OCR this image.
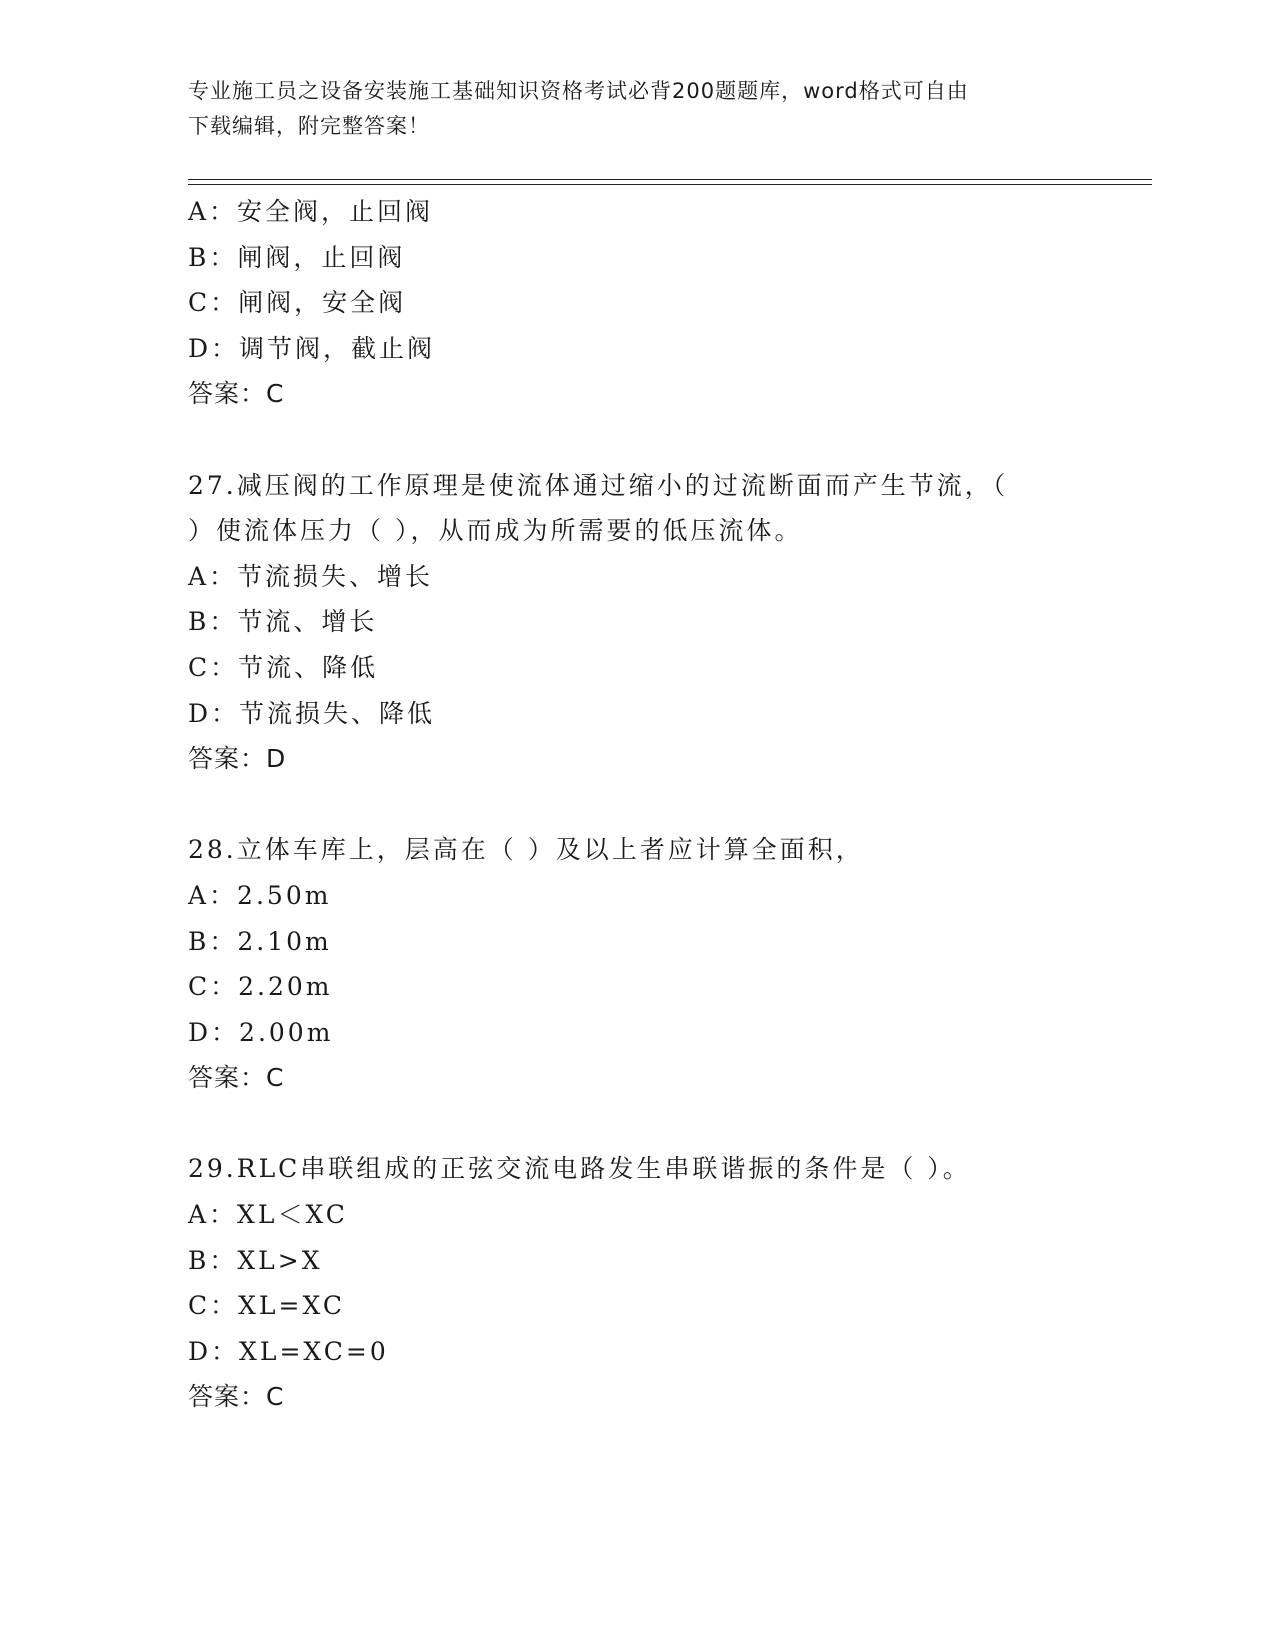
专业施工员之设备安装施工基础知识资格考试必背200题题库，word格式可自由
下载编辑，附完整答案！
A：安全阀，止回阀
B：闸阀，止回阀
C：闸阀，安全阀
D：调节阀，截止阀
答案：C
27.减压阀的工作原理是使流体通过缩小的过流断面而产生节流，（
）使流体压力（ ），从而成为所需要的低压流体。
A：节流损失、增长
B：节流、增长
C：节流、降低
D：节流损失、降低
答案：D
28.立体车库上，层高在（ ）及以上者应计算全面积，
A：2.50m
B：2.10m
C：2.20m
D：2.00m
答案：C
29.RLC串联组成的正弦交流电路发生串联谐振的条件是（ ）。
A：XL＜XC
B：XL>X
C：XL=XC
D：XL=XC=0
答案：C
